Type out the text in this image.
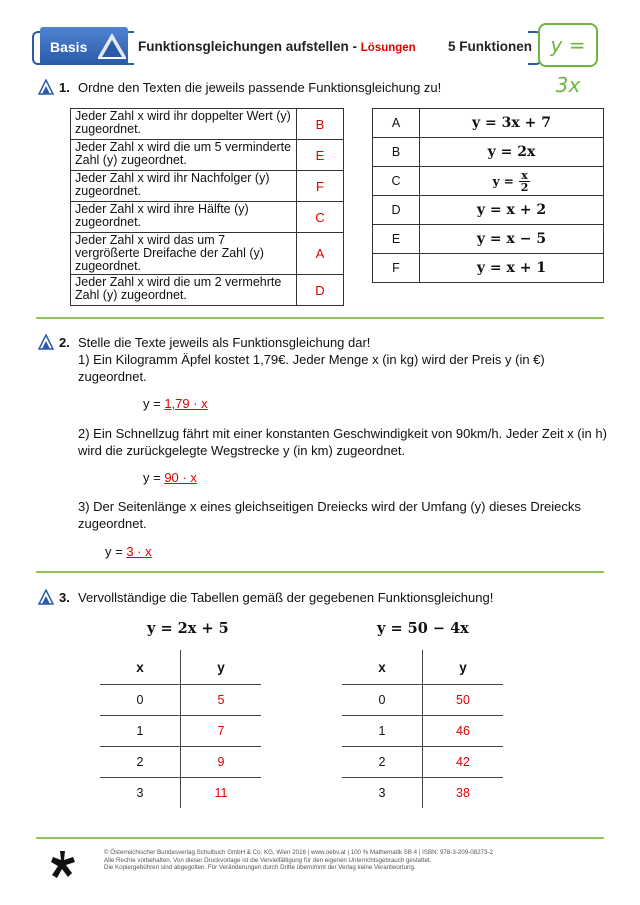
Basis	Funktionsgleichungen aufstellen - Lösungen 5 Funktionen y = 3x
1. Ordne den Texten die jeweils passende Funktionsgleichung zu!
Jeder Zahl x wird ihr doppelter Wert (y) zugeordnet.	B
Jeder Zahl x wird die um 5 verminderte Zahl (y) zugeordnet.	E
Jeder Zahl x wird ihr Nachfolger (y) zugeordnet.	F
Jeder Zahl x wird ihre Hälfte (y) zugeordnet.	C
Jeder Zahl x wird das um 7 vergrößerte Dreifache der Zahl (y) zugeordnet.	A
Jeder Zahl x wird die um 2 vermehrte Zahl (y) zugeordnet.	D
A	y = 3x + 7
B	y = 2x
C	$y = \frac{x}{2}$

D	y = x + 2
E	y = x − 5
F	y = x + 1
2. Stelle die Texte jeweils als Funktionsgleichung dar!
1) Ein Kilogramm Äpfel kostet 1,79€. Jeder Menge x (in kg) wird der Preis y (in €)
zugeordnet.
y = 1,79 · x
2) Ein Schnellzug fährt mit einer konstanten Geschwindigkeit von 90km/h. Jeder Zeit x (in h)
wird die zurückgelegte Wegstrecke y (in km) zugeordnet.
y = 90 · x
3) Der Seitenlänge x eines gleichseitigen Dreiecks wird der Umfang (y) dieses Dreiecks
zugeordnet.
y = 3 · x
3. Vervollständige die Tabellen gemäß der gegebenen Funktionsgleichung!
y = 2x + 5	y = 50 − 4x
x	y
0	5
1	7
2	9
3	11
x	y
0	50
1	46
2	42
3	38
© Österreichischer Bundesverlag Schulbuch GmbH & Co. KG, Wien 2016 | www.oebv.at | 100 % Mathematik SB 4 | ISBN: 978-3-209-08273-2
Alle Rechte vorbehalten. Von dieser Druckvorlage ist die Vervielfältigung für den eigenen Unterrichtsgebrauch gestattet.
Die Kopiergebühren sind abgegolten. Für Veränderungen durch Dritte übernimmt der Verlag keine Verantwortung.
